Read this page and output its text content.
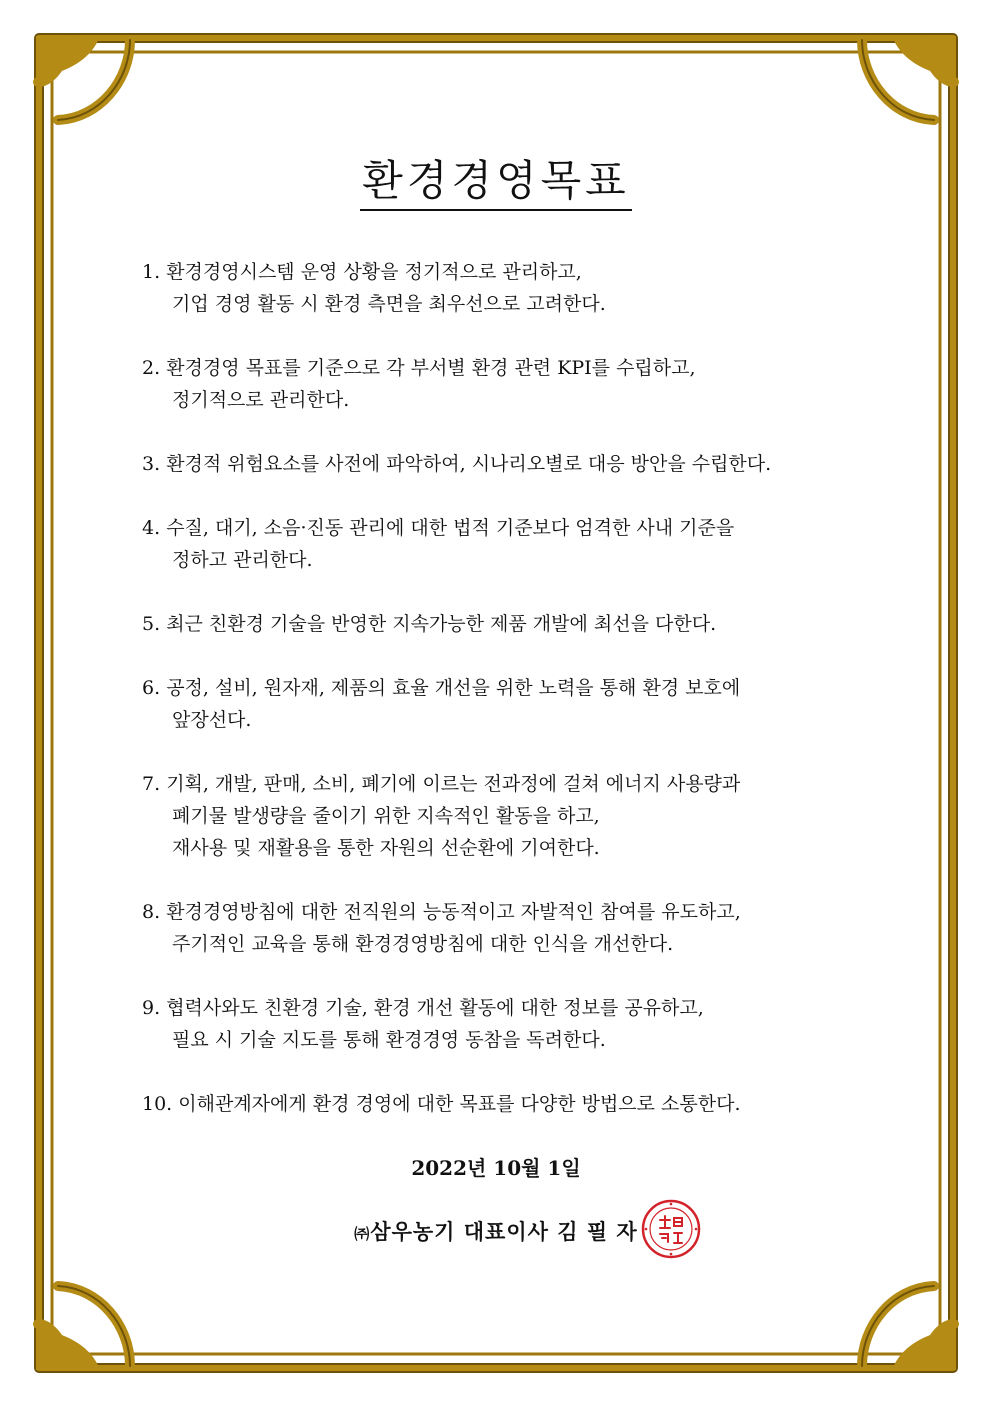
환경경영목표
1. 환경경영시스템 운영 상황을 정기적으로 관리하고,
기업 경영 활동 시 환경 측면을 최우선으로 고려한다.
2. 환경경영 목표를 기준으로 각 부서별 환경 관련 KPI를 수립하고,
정기적으로 관리한다.
3. 환경적 위험요소를 사전에 파악하여, 시나리오별로 대응 방안을 수립한다.
4. 수질, 대기, 소음·진동 관리에 대한 법적 기준보다 엄격한 사내 기준을
정하고 관리한다.
5. 최근 친환경 기술을 반영한 지속가능한 제품 개발에 최선을 다한다.
6. 공정, 설비, 원자재, 제품의 효율 개선을 위한 노력을 통해 환경 보호에
앞장선다.
7. 기획, 개발, 판매, 소비, 폐기에 이르는 전과정에 걸쳐 에너지 사용량과
폐기물 발생량을 줄이기 위한 지속적인 활동을 하고,
재사용 및 재활용을 통한 자원의 선순환에 기여한다.
8. 환경경영방침에 대한 전직원의 능동적이고 자발적인 참여를 유도하고,
주기적인 교육을 통해 환경경영방침에 대한 인식을 개선한다.
9. 협력사와도 친환경 기술, 환경 개선 활동에 대한 정보를 공유하고,
필요 시 기술 지도를 통해 환경경영 동참을 독려한다.
10. 이해관계자에게 환경 경영에 대한 목표를 다양한 방법으로 소통한다.
2022년 10월 1일
㈜삼우농기 대표이사 김 필 자
